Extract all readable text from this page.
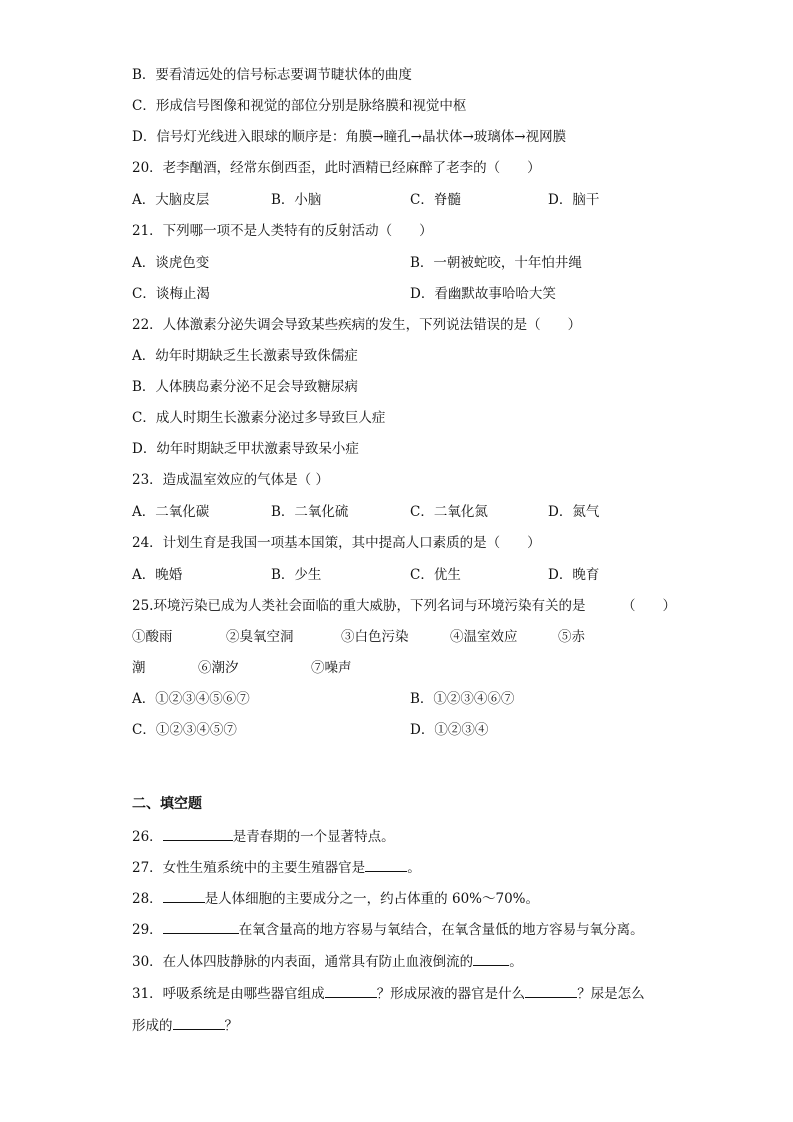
B．要看清远处的信号标志要调节睫状体的曲度
C．形成信号图像和视觉的部位分别是脉络膜和视觉中枢
D．信号灯光线进入眼球的顺序是：角膜→瞳孔→晶状体→玻璃体→视网膜
20．老李酗酒，经常东倒西歪，此时酒精已经麻醉了老李的（　　）
A．大脑皮层	B．小脑	C．脊髓	D．脑干
21．下列哪一项不是人类特有的反射活动（　　）
A．谈虎色变	B．一朝被蛇咬，十年怕井绳
C．谈梅止渴	D．看幽默故事哈哈大笑
22．人体激素分泌失调会导致某些疾病的发生，下列说法错误的是（　　）
A．幼年时期缺乏生长激素导致侏儒症
B．人体胰岛素分泌不足会导致糖尿病
C．成人时期生长激素分泌过多导致巨人症
D．幼年时期缺乏甲状激素导致呆小症
23．造成温室效应的气体是（ ）
A．二氧化碳	B．二氧化硫	C．二氧化氮	D．氮气
24．计划生育是我国一项基本国策，其中提高人口素质的是（　　）
A．晚婚	B．少生	C．优生	D．晚育
25.环境污染已成为人类社会面临的重大威胁，下列名词与环境污染有关的是	（　　）
①酸雨	②臭氧空洞	③白色污染	④温室效应	⑤赤
潮	⑥潮汐	⑦噪声
A．①②③④⑤⑥⑦	B．①②③④⑥⑦
C．①②③④⑤⑦	D．①②③④
二、填空题
26．	是青春期的一个显著特点。
27．女性生殖系统中的主要生殖器官是	。
28．	是人体细胞的主要成分之一，约占体重的 60%～70%。
29．	在氧含量高的地方容易与氧结合，在氧含量低的地方容易与氧分离。
30．在人体四肢静脉的内表面，通常具有防止血液倒流的	。
31．呼吸系统是由哪些器官组成	？形成尿液的器官是什么	？尿是怎么
形成的	？
